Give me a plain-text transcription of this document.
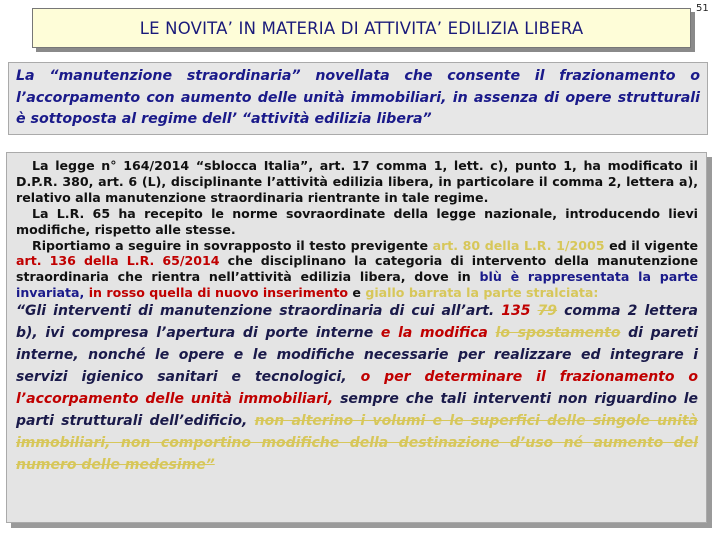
LE NOVITA’ IN MATERIA DI ATTIVITA’ EDILIZIA LIBERA
51
La “manutenzione straordinaria” novellata che consente il frazionamento o l’accorpamento con aumento delle unità immobiliari, in assenza di opere strutturali è sottoposta al regime dell’ “attività edilizia libera”

La legge n° 164/2014 “sblocca Italia”, art. 17 comma 1, lett. c), punto 1, ha modificato il D.P.R. 380, art. 6 (L), disciplinante l’attività edilizia libera, in particolare il comma 2, lettera a), relativo alla manutenzione straordinaria rientrante in tale regime.

La L.R. 65 ha recepito le norme sovraordinate della legge nazionale, introducendo lievi modifiche, rispetto alle stesse.

Riportiamo a seguire in sovrapposto il testo previgente art. 80 della L.R. 1/2005 ed il vigente art. 136 della L.R. 65/2014 che disciplinano la categoria di intervento della manutenzione straordinaria che rientra nell’attività edilizia libera, dove in blù è rappresentata la parte invariata, in rosso quella di nuovo inserimento e giallo barrata la parte stralciata:

“Gli interventi di manutenzione straordinaria di cui all’art. 135 79 comma 2 lettera b), ivi compresa l’apertura di porte interne e la modifica lo spostamento di pareti interne, nonché le opere e le modifiche necessarie per realizzare ed integrare i servizi igienico sanitari e tecnologici, o per determinare il frazionamento o l’accorpamento delle unità immobiliari, sempre che tali interventi non riguardino le parti strutturali dell’edificio, non alterino i volumi e le superfici delle singole unità immobiliari, non comportino modifiche della destinazione d’uso né aumento del numero delle medesime”
